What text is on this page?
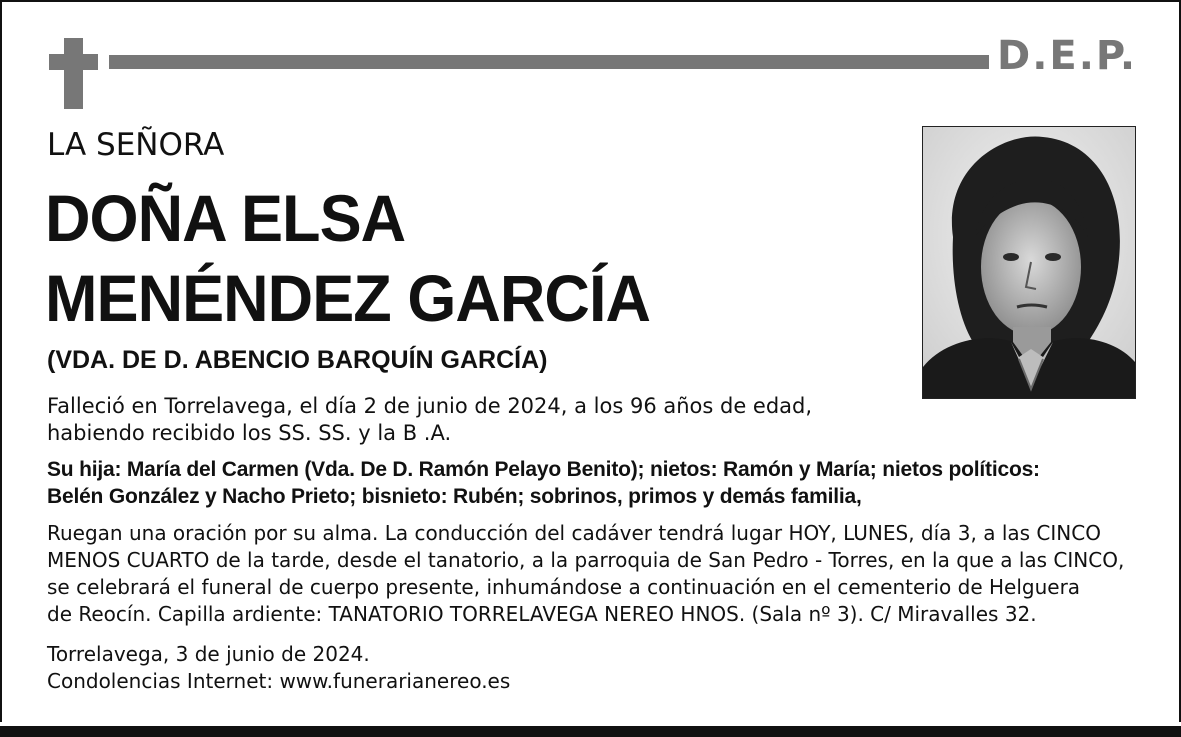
D.E.P.
LA SEÑORA
DOÑA ELSA
MENÉNDEZ GARCÍA
(VDA. DE D. ABENCIO BARQUÍN GARCÍA)

Falleció en Torrelavega, el día 2 de junio de 2024, a los 96 años de edad,
habiendo recibido los SS. SS. y la B .A.

Su hija: María del Carmen (Vda. De D. Ramón Pelayo Benito); nietos: Ramón y María; nietos políticos:
Belén González y Nacho Prieto; bisnieto: Rubén; sobrinos, primos y demás familia,

Ruegan una oración por su alma. La conducción del cadáver tendrá lugar HOY, LUNES, día 3, a las CINCO
MENOS CUARTO de la tarde, desde el tanatorio, a la parroquia de San Pedro - Torres, en la que a las CINCO,
se celebrará el funeral de cuerpo presente, inhumándose a continuación en el cementerio de Helguera
de Reocín. Capilla ardiente: TANATORIO TORRELAVEGA NEREO HNOS. (Sala nº 3). C/ Miravalles 32.

Torrelavega, 3 de junio de 2024.
Condolencias Internet: www.funerarianereo.es
